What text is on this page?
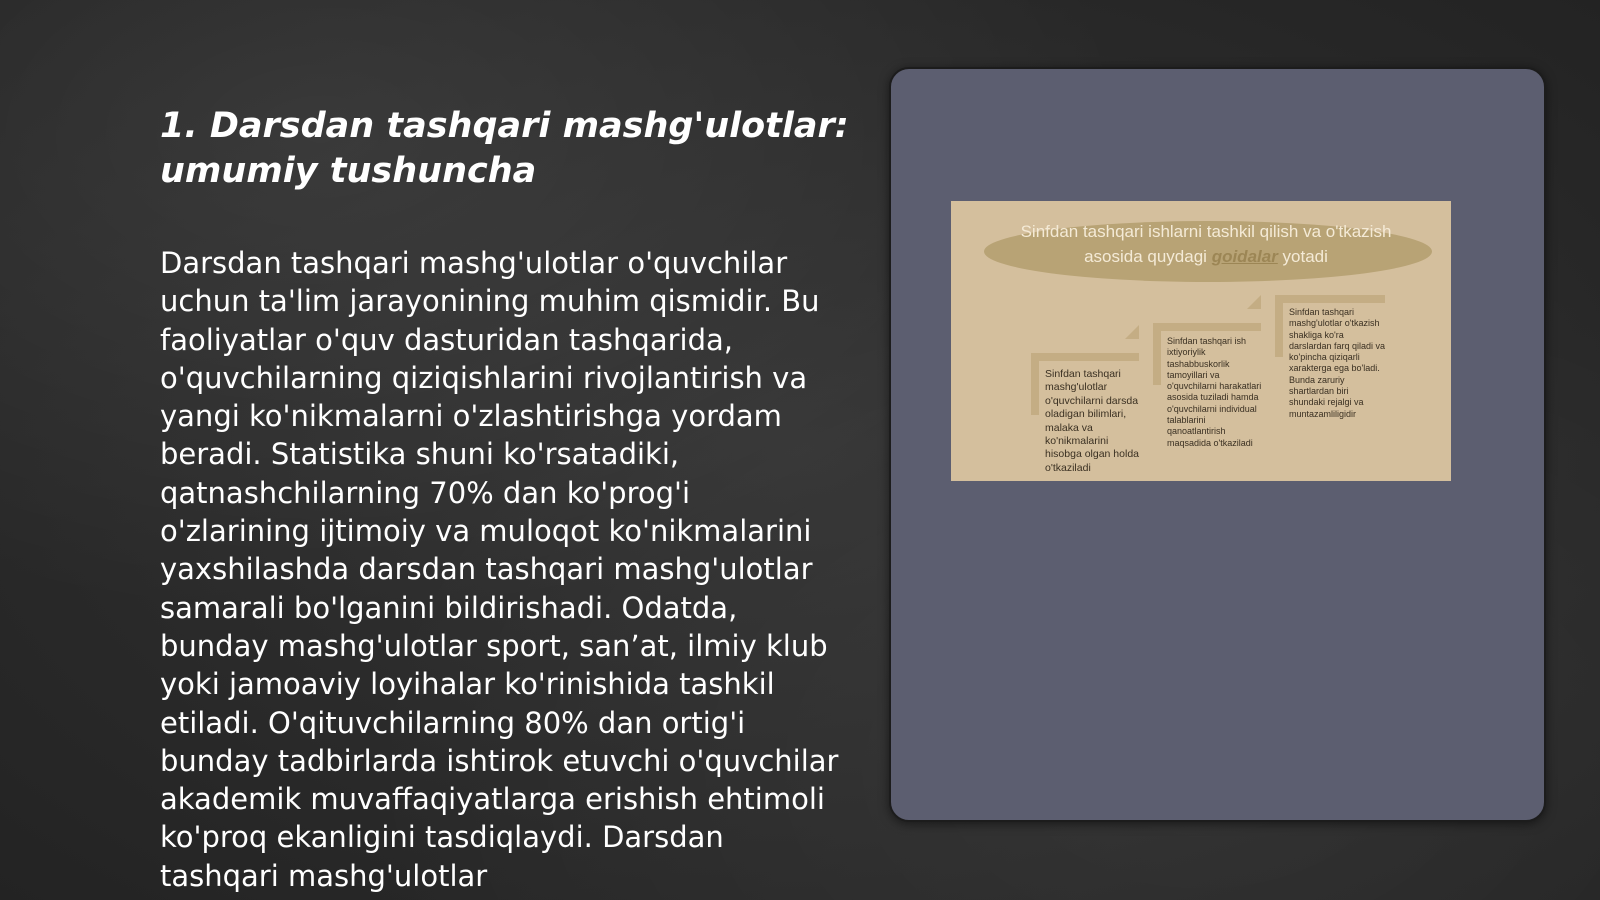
1. Darsdan tashqari mashg'ulotlar: umumiy tushuncha

Darsdan tashqari mashg'ulotlar o'quvchilar uchun ta'lim jarayonining muhim qismidir. Bu faoliyatlar o'quv dasturidan tashqarida, o'quvchilarning qiziqishlarini rivojlantirish va yangi ko'nikmalarni o'zlashtirishga yordam beradi. Statistika shuni ko'rsatadiki, qatnashchilarning 70% dan ko'prog'i o'zlarining ijtimoiy va muloqot ko'nikmalarini yaxshilashda darsdan tashqari mashg'ulotlar samarali bo'lganini bildirishadi. Odatda, bunday mashg'ulotlar sport, san’at, ilmiy klub yoki jamoaviy loyihalar ko'rinishida tashkil etiladi. O'qituvchilarning 80% dan ortig'i bunday tadbirlarda ishtirok etuvchi o'quvchilar akademik muvaffaqiyatlarga erishish ehtimoli ko'proq ekanligini tasdiqlaydi. Darsdan tashqari mashg'ulotlar

Sinfdan tashqari ishlarni tashkil qilish va o'tkazish asosida quydagi goidalar yotadi
Sinfdan tashqari mashg'ulotlar o'quvchilarni darsda oladigan bilimlari, malaka va ko'nikmalarini hisobga olgan holda o'tkaziladi
Sinfdan tashqari ish ixtiyoriylik tashabbuskorlik tamoyillari va o'quvchilarni harakatlari asosida tuziladi hamda o'quvchilarni individual talablarini qanoatlantirish maqsadida o'tkaziladi
Sinfdan tashqari mashg'ulotlar o'tkazish shakliga ko'ra darslardan farq qiladi va ko'pincha qiziqarli xarakterga ega bo'ladi. Bunda zaruriy shartlardan biri shundaki rejalgi va muntazamliligidir
